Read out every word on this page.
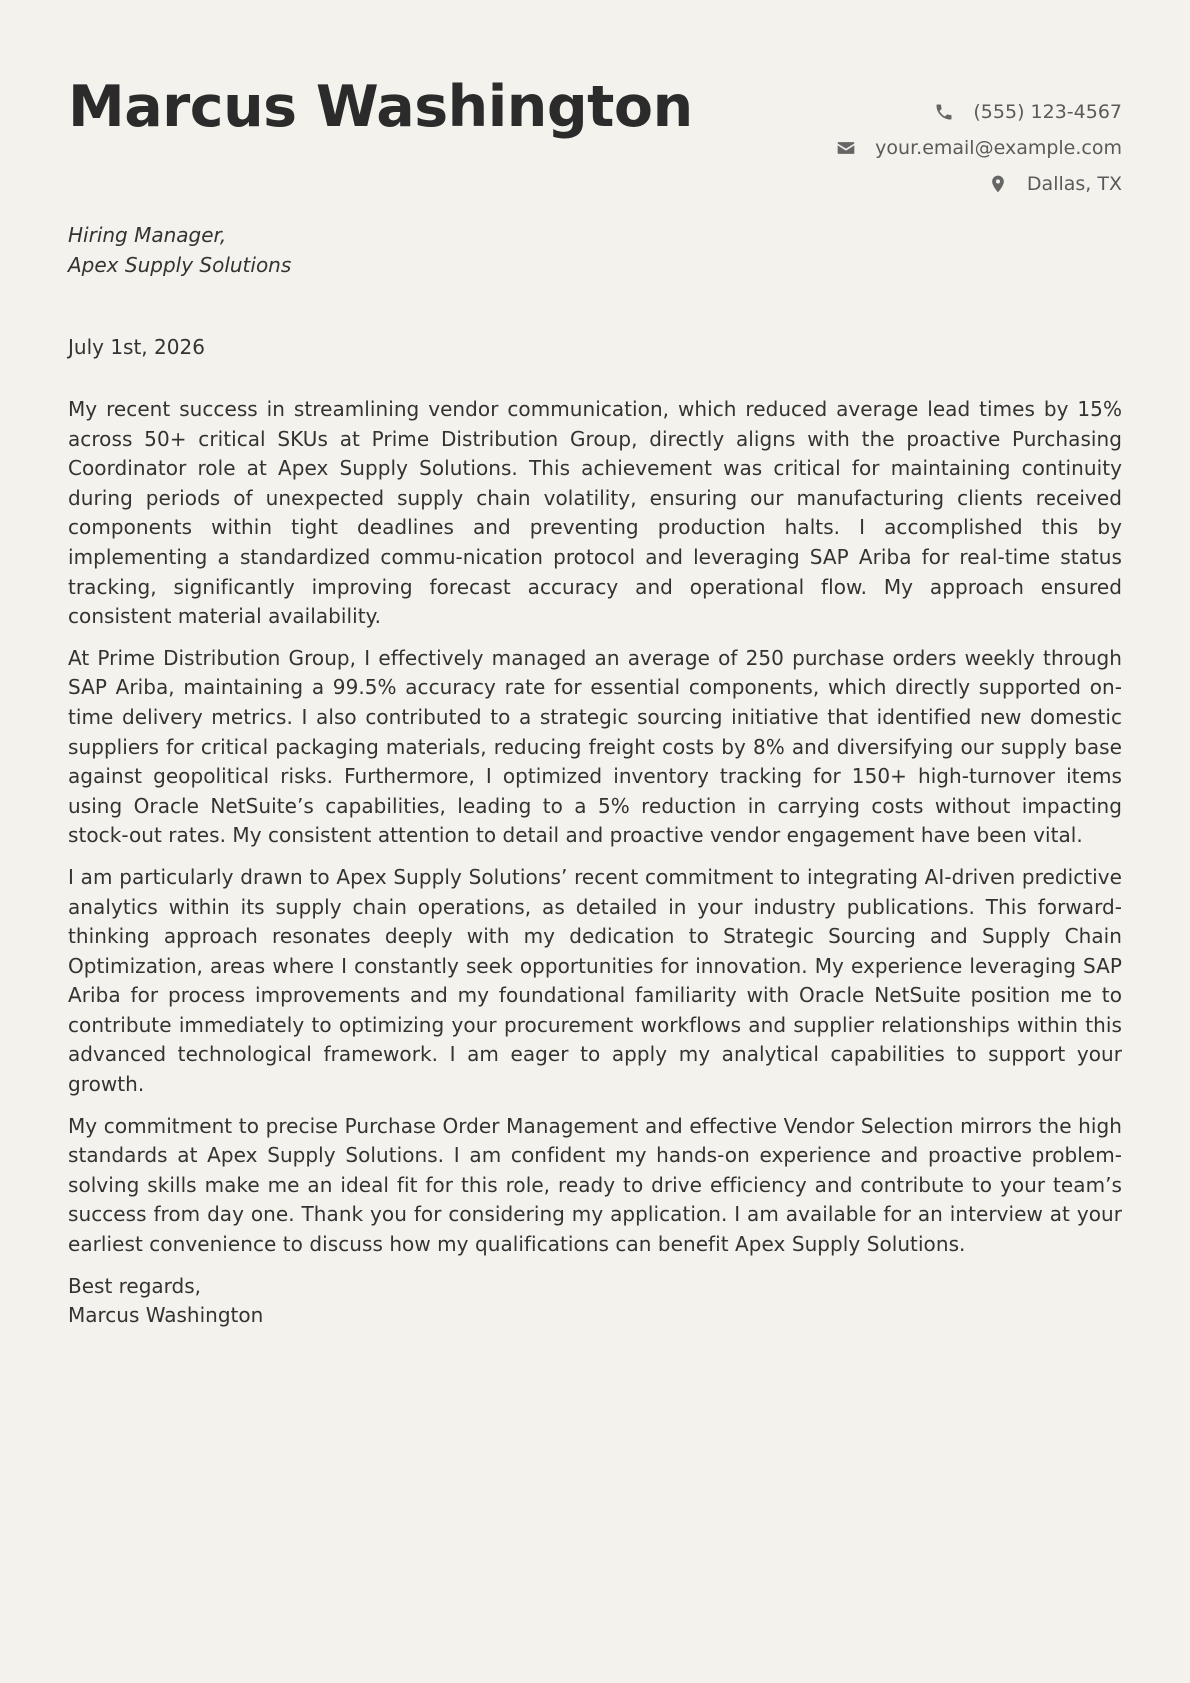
Marcus Washington	(555) 123-4567
your.email@example.com
Dallas, TX
Hiring Manager,
Apex Supply Solutions
July 1st, 2026

My recent success in streamlining vendor communication, which reduced average lead times by 15% across 50+ critical SKUs at Prime Distribution Group, directly aligns with the proactive Purchasing Coordinator role at Apex Supply Solutions. This achievement was critical for maintaining continuity during periods of unexpected supply chain volatility, ensuring our manufacturing clients received components within tight deadlines and preventing production halts. I accomplished this by implementing a standardized commu-nication protocol and leveraging SAP Ariba for real-time status tracking, significantly improving forecast accuracy and operational flow. My approach ensured consistent material availability.

At Prime Distribution Group, I effectively managed an average of 250 purchase orders weekly through SAP Ariba, maintaining a 99.5% accuracy rate for essential components, which directly supported on-time delivery metrics. I also contributed to a strategic sourcing initiative that identified new domestic suppliers for critical packaging materials, reducing freight costs by 8% and diversifying our supply base against geopolitical risks. Furthermore, I optimized inventory tracking for 150+ high-turnover items using Oracle NetSuite’s capabilities, leading to a 5% reduction in carrying costs without impacting stock-out rates. My consistent attention to detail and proactive vendor engagement have been vital.

I am particularly drawn to Apex Supply Solutions’ recent commitment to integrating AI-driven predictive analytics within its supply chain operations, as detailed in your industry publications. This forward-thinking approach resonates deeply with my dedication to Strategic Sourcing and Supply Chain Optimization, areas where I constantly seek opportunities for innovation. My experience leveraging SAP Ariba for process improvements and my foundational familiarity with Oracle NetSuite position me to contribute immediately to optimizing your procurement workflows and supplier relationships within this advanced technological framework. I am eager to apply my analytical capabilities to support your growth.

My commitment to precise Purchase Order Management and effective Vendor Selection mirrors the high standards at Apex Supply Solutions. I am confident my hands-on experience and proactive problem-solving skills make me an ideal fit for this role, ready to drive efficiency and contribute to your team’s success from day one. Thank you for considering my application. I am available for an interview at your earliest convenience to discuss how my qualifications can benefit Apex Supply Solutions.

Best regards,
Marcus Washington
